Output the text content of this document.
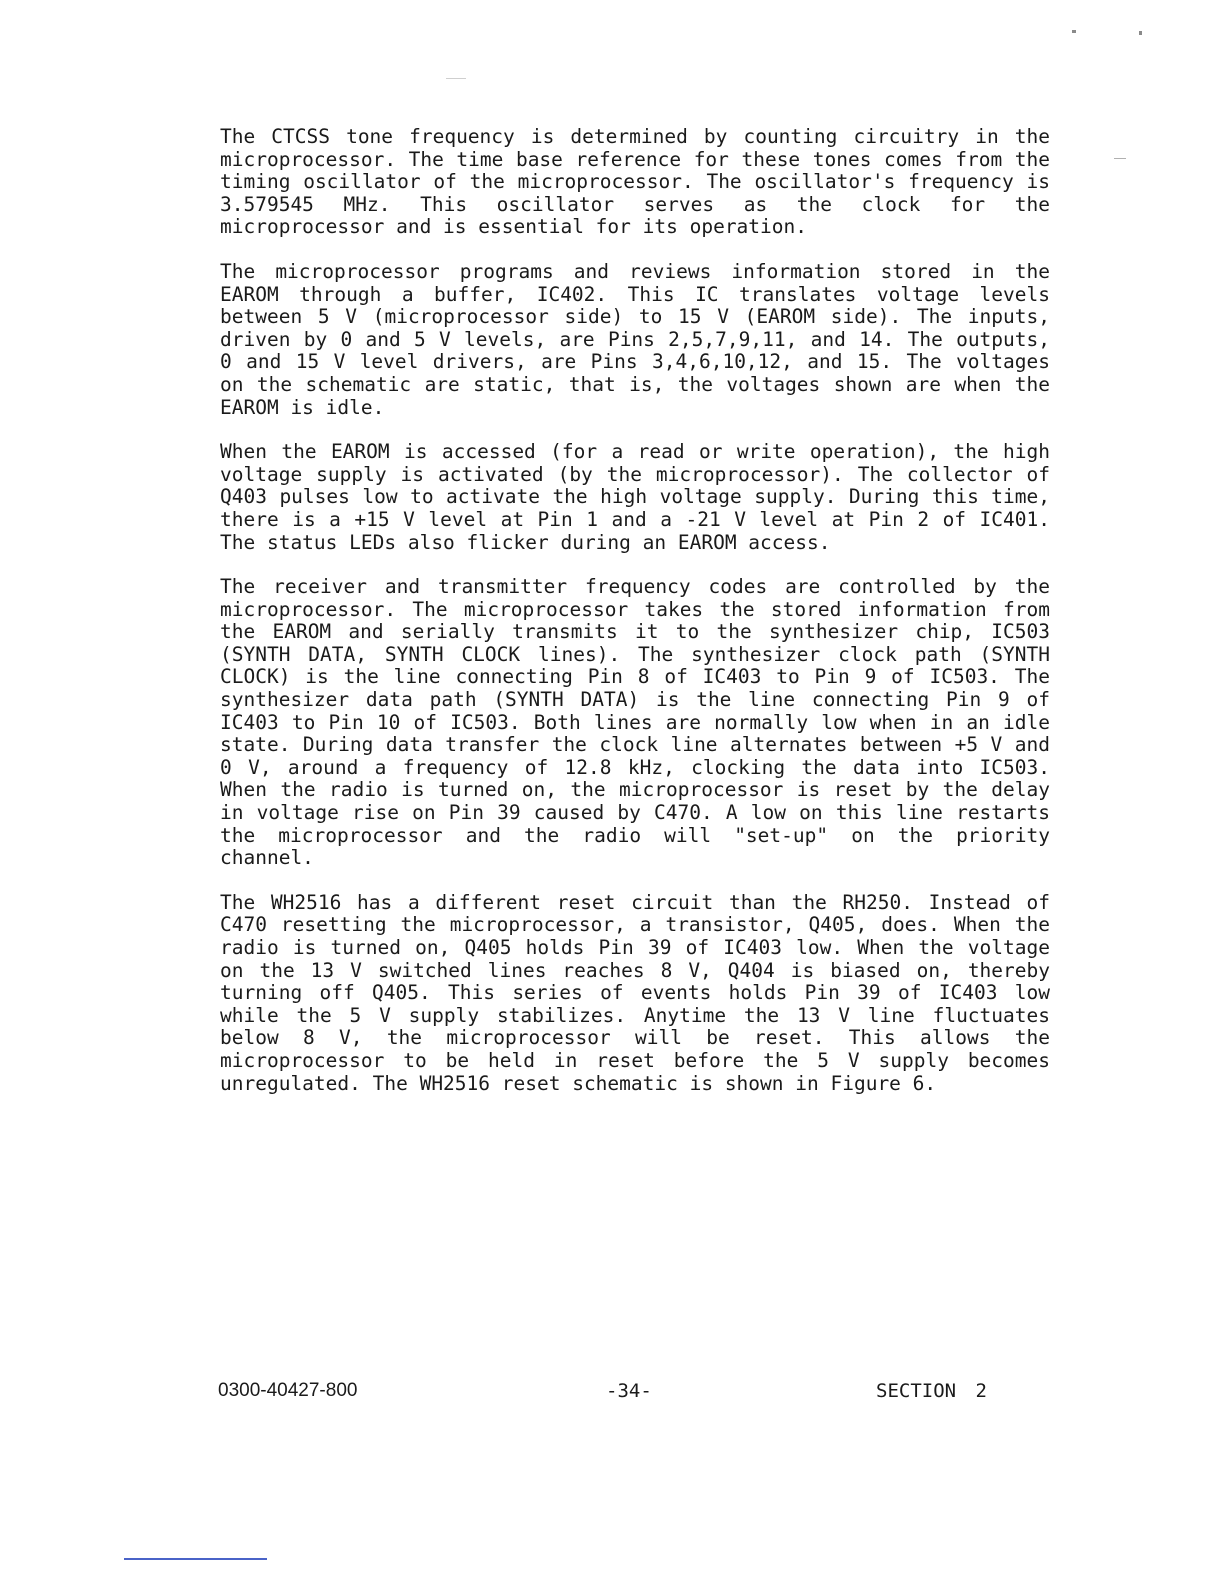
The CTCSS tone frequency is determined by counting circuitry in the microprocessor. The time base reference for these tones comes from the timing oscillator of the microprocessor. The oscillator's frequency is 3.579545 MHz. This oscillator serves as the clock for the microprocessor and is essential for its operation.

The microprocessor programs and reviews information stored in the EAROM through a buffer, IC402. This IC translates voltage levels between 5 V (microprocessor side) to 15 V (EAROM side). The inputs, driven by 0 and 5 V levels, are Pins 2,5,7,9,11, and 14. The outputs, 0 and 15 V level drivers, are Pins 3,4,6,10,12, and 15. The voltages on the schematic are static, that is, the voltages shown are when the EAROM is idle.

When the EAROM is accessed (for a read or write operation), the high voltage supply is activated (by the microprocessor). The collector of Q403 pulses low to activate the high voltage supply. During this time, there is a +15 V level at Pin 1 and a -21 V level at Pin 2 of IC401. The status LEDs also flicker during an EAROM access.

The receiver and transmitter frequency codes are controlled by the microprocessor. The microprocessor takes the stored information from the EAROM and serially transmits it to the synthesizer chip, IC503 (SYNTH DATA, SYNTH CLOCK lines). The synthesizer clock path (SYNTH CLOCK) is the line connecting Pin 8 of IC403 to Pin 9 of IC503. The synthesizer data path (SYNTH DATA) is the line connecting Pin 9 of IC403 to Pin 10 of IC503. Both lines are normally low when in an idle state. During data transfer the clock line alternates between +5 V and 0 V, around a frequency of 12.8 kHz, clocking the data into IC503. When the radio is turned on, the microprocessor is reset by the delay in voltage rise on Pin 39 caused by C470. A low on this line restarts the microprocessor and the radio will "set-up" on the priority channel.

The WH2516 has a different reset circuit than the RH250. Instead of C470 resetting the microprocessor, a transistor, Q405, does. When the radio is turned on, Q405 holds Pin 39 of IC403 low. When the voltage on the 13 V switched lines reaches 8 V, Q404 is biased on, thereby turning off Q405. This series of events holds Pin 39 of IC403 low while the 5 V supply stabilizes. Anytime the 13 V line fluctuates below 8 V, the microprocessor will be reset. This allows the microprocessor to be held in reset before the 5 V supply becomes unregulated. The WH2516 reset schematic is shown in Figure 6.

0300-40427-800	-34-	SECTION 2
